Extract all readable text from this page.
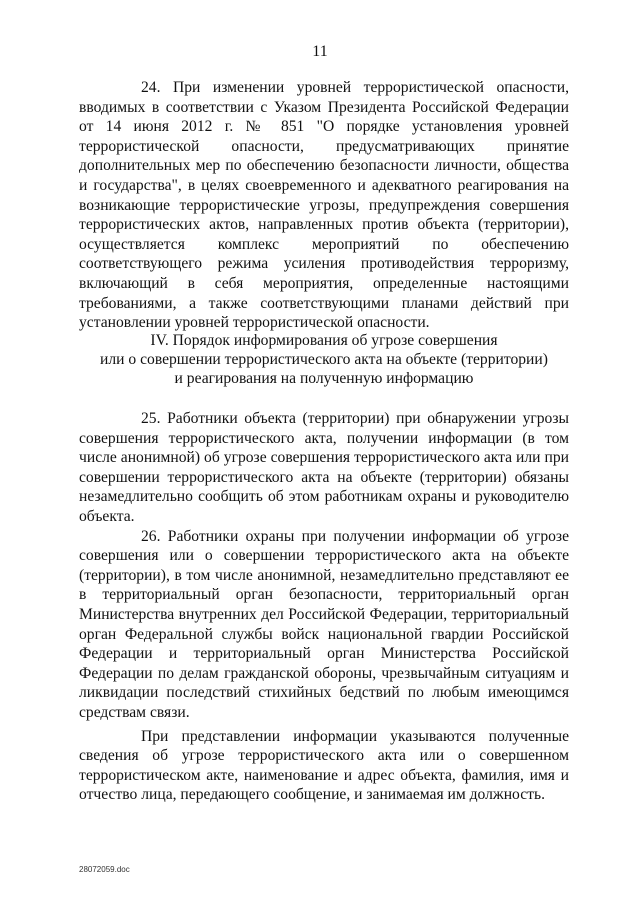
11

24. При изменении уровней террористической опасности, вводимых в соответствии с Указом Президента Российской Федерации от 14 июня 2012 г. № 851 "О порядке установления уровней террористической опасности, предусматривающих принятие дополнительных мер по обеспечению безопасности личности, общества и государства", в целях своевременного и адекватного реагирования на возникающие террористические угрозы, предупреждения совершения террористических актов, направленных против объекта (территории), осуществляется комплекс мероприятий по обеспечению соответствующего режима усиления противодействия терроризму, включающий в себя мероприятия, определенные настоящими требованиями, а также соответствующими планами действий при установлении уровней террористической опасности.

IV. Порядок информирования об угрозе совершения
или о совершении террористического акта на объекте (территории)
и реагирования на полученную информацию

25. Работники объекта (территории) при обнаружении угрозы совершения террористического акта, получении информации (в том числе анонимной) об угрозе совершения террористического акта или при совершении террористического акта на объекте (территории) обязаны незамедлительно сообщить об этом работникам охраны и руководителю объекта.

26. Работники охраны при получении информации об угрозе совершения или о совершении террористического акта на объекте (территории), в том числе анонимной, незамедлительно представляют ее в территориальный орган безопасности, территориальный орган Министерства внутренних дел Российской Федерации, территориальный орган Федеральной службы войск национальной гвардии Российской Федерации и территориальный орган Министерства Российской Федерации по делам гражданской обороны, чрезвычайным ситуациям и ликвидации последствий стихийных бедствий по любым имеющимся средствам связи.

При представлении информации указываются полученные сведения об угрозе террористического акта или о совершенном террористическом акте, наименование и адрес объекта, фамилия, имя и отчество лица, передающего сообщение, и занимаемая им должность.

28072059.doc
